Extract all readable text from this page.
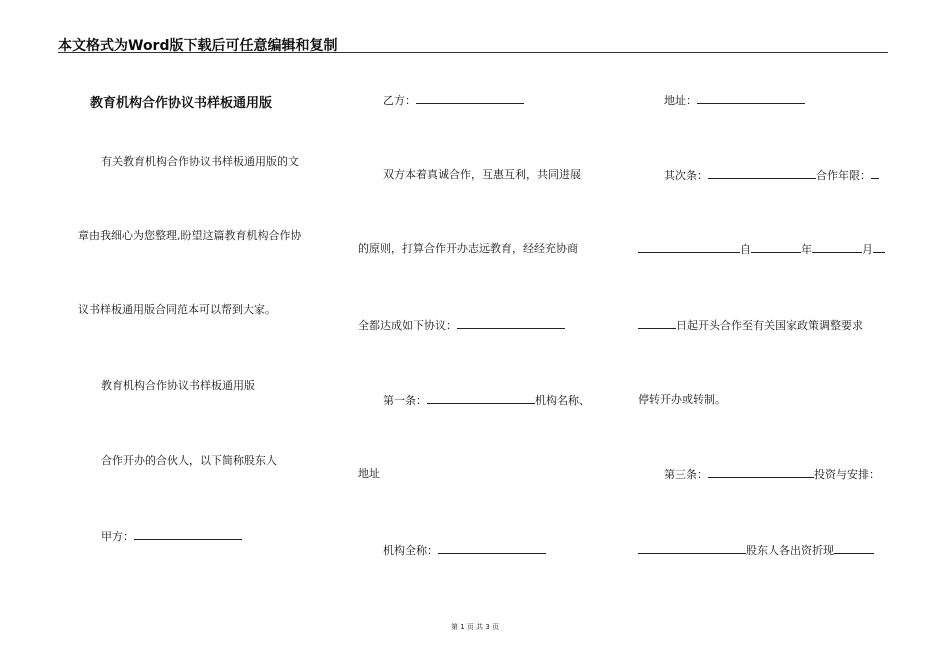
本文格式为Word版下载后可任意编辑和复制
教育机构合作协议书样板通用版
有关教育机构合作协议书样板通用版的文
章由我细心为您整理,盼望这篇教育机构合作协
议书样板通用版合同范本可以帮到大家。
教育机构合作协议书样板通用版
合作开办的合伙人，以下简称股东人
甲方：
乙方：
双方本着真诚合作，互惠互利，共同进展
的原则，打算合作开办志远教育，经经充协商
全都达成如下协议：
第一条：	机构名称、
地址
机构全称：
地址：
其次条：	合作年限：
自	年	月
日起开头合作至有关国家政策调整要求
停转开办或转制。
第三条：	投资与安排：
股东人各出资折现
第 1 页 共 3 页
